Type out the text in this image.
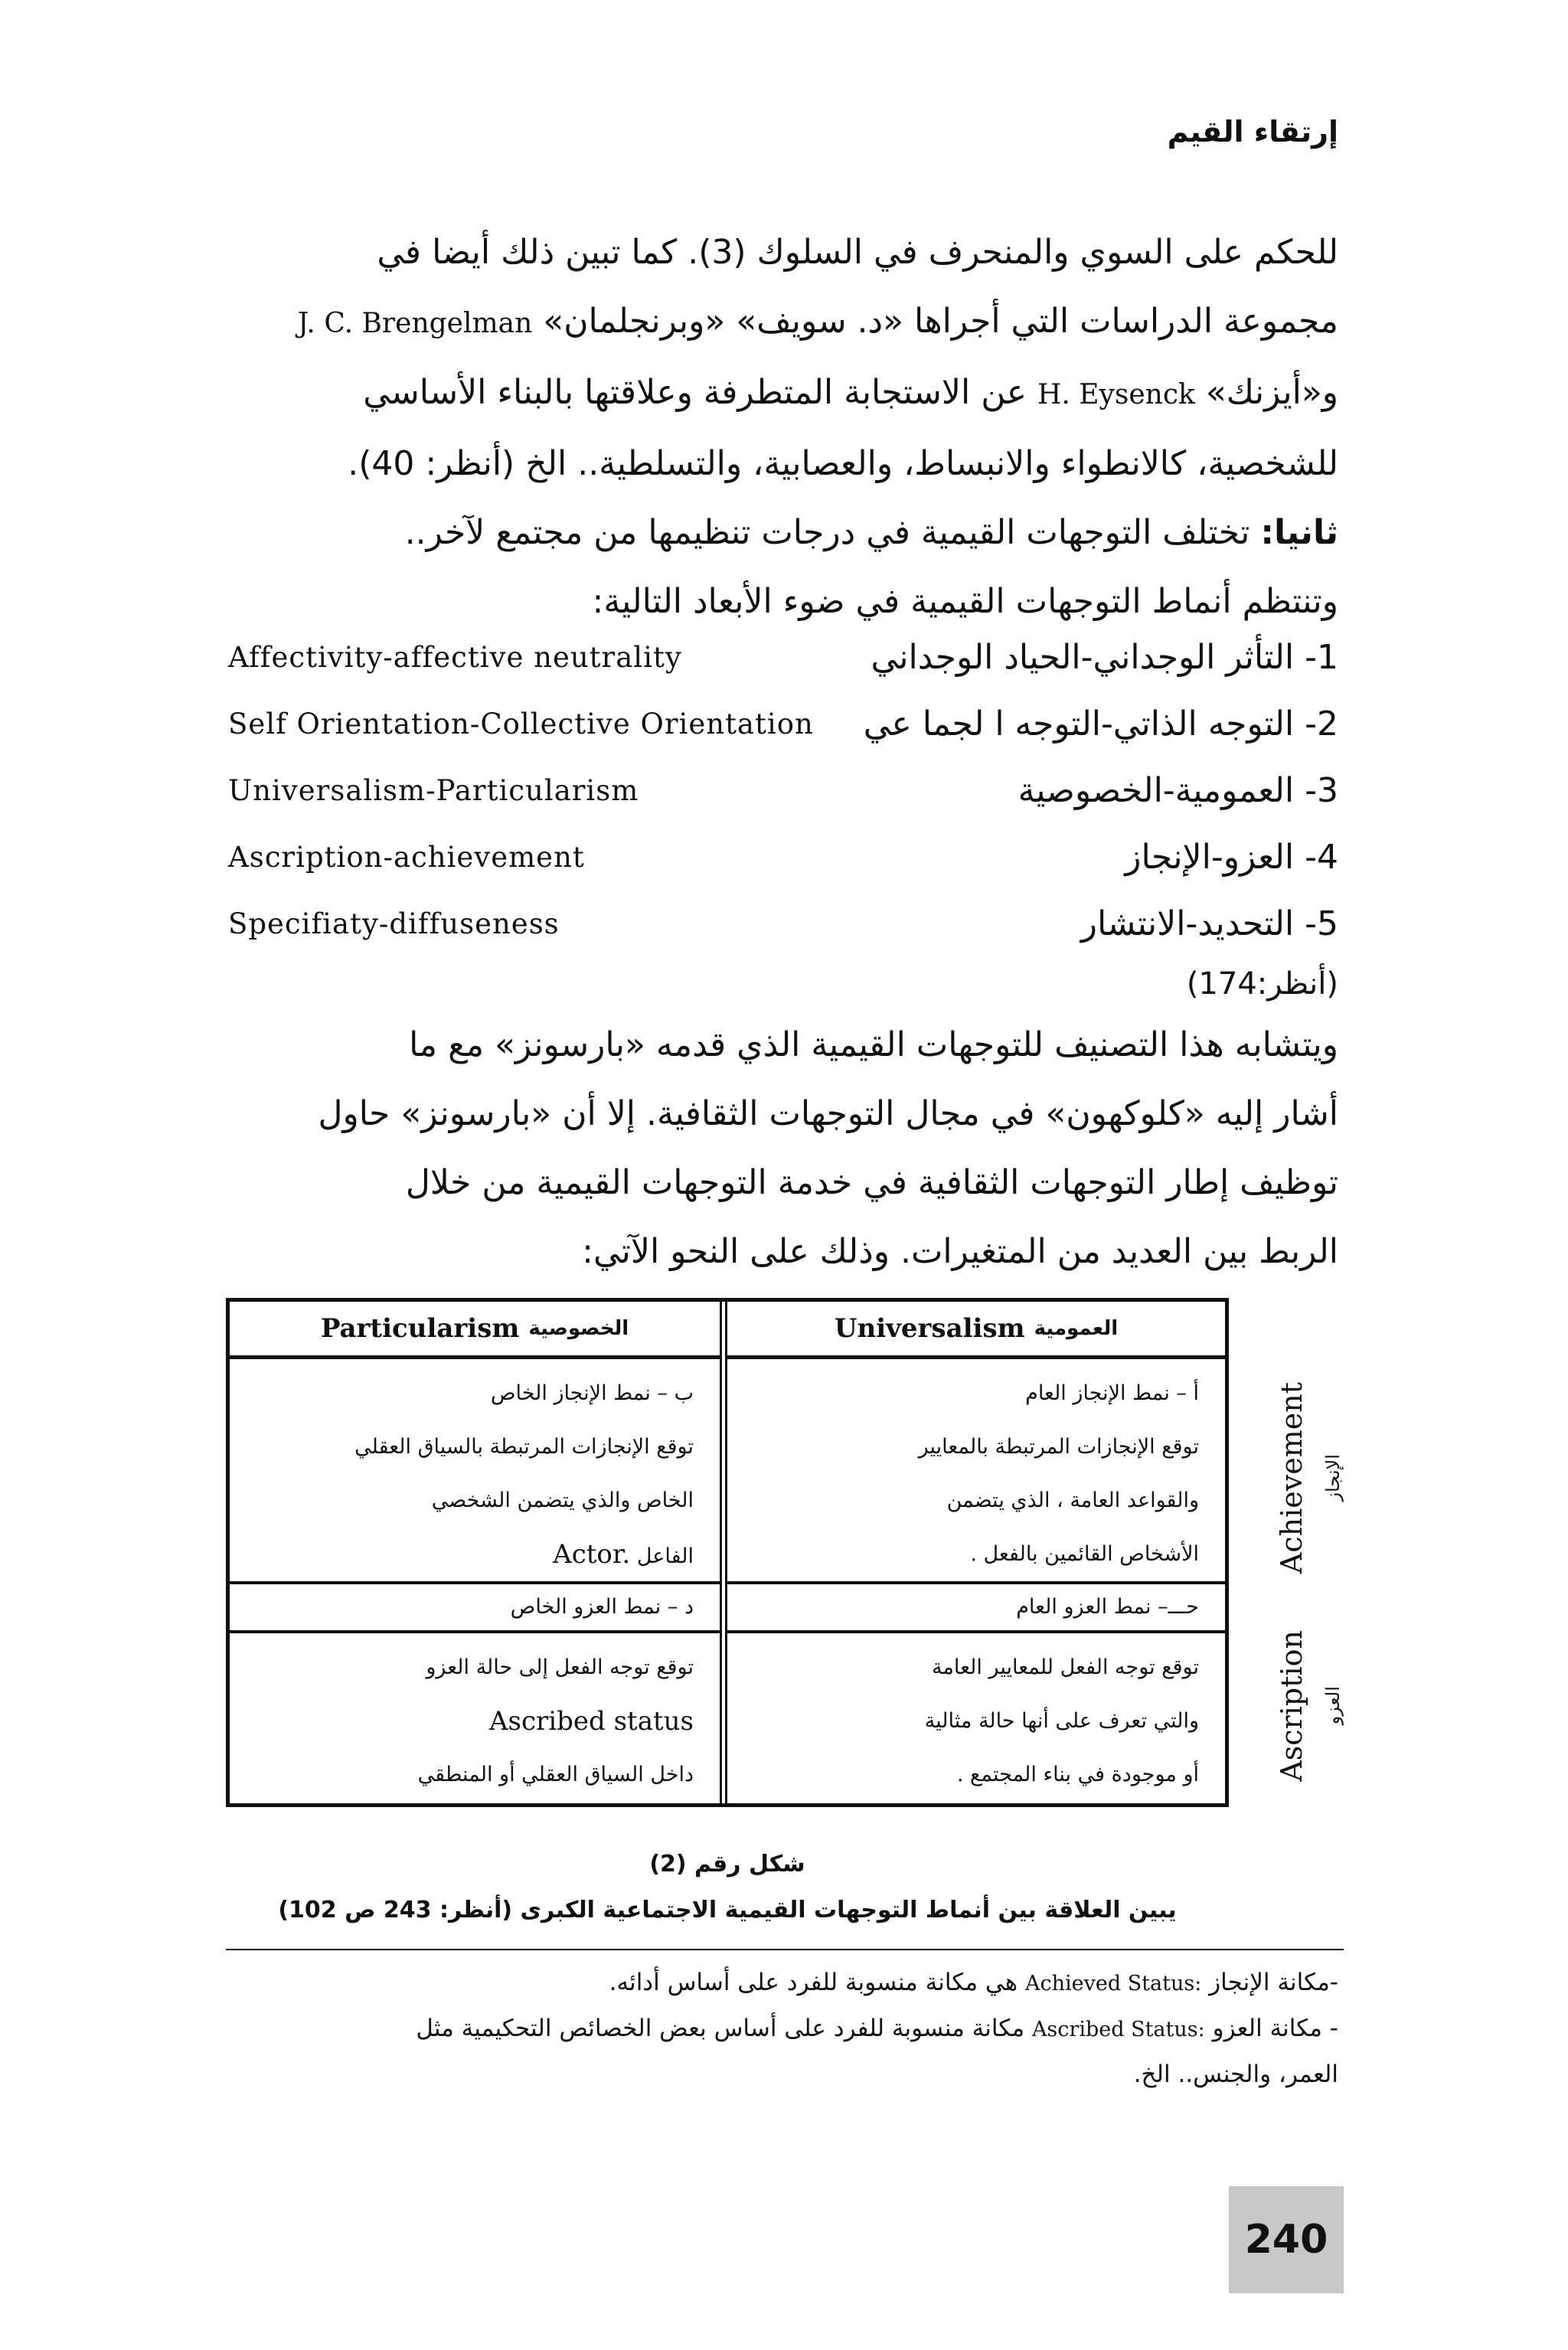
إرتقاء القيم

للحكم على السوي والمنحرف في السلوك (3). كما تبين ذلك أيضا في

مجموعة الدراسات التي أجراها «د. سويف» «وبرنجلمان» J. C. Brengelman

و«أيزنك» H. Eysenck عن الاستجابة المتطرفة وعلاقتها بالبناء الأساسي

للشخصية، كالانطواء والانبساط، والعصابية، والتسلطية.. الخ (أنظر: 40).

ثانيا: تختلف التوجهات القيمية في درجات تنظيمها من مجتمع لآخر..

وتنتظم أنماط التوجهات القيمية في ضوء الأبعاد التالية:

1- التأثر الوجداني-الحياد الوجداني
Affectivity-affective neutrality
2- التوجه الذاتي-التوجه ا لجما عي
Self Orientation-Collective Orientation
3- العمومية-الخصوصية
Universalism-Particularism
4- العزو-الإنجاز
Ascription-achievement
5- التحديد-الانتشار
Specifiaty-diffuseness
(أنظر:174)

ويتشابه هذا التصنيف للتوجهات القيمية الذي قدمه «بارسونز» مع ما

أشار إليه «كلوكهون» في مجال التوجهات الثقافية. إلا أن «بارسونز» حاول

توظيف إطار التوجهات الثقافية في خدمة التوجهات القيمية من خلال

الربط بين العديد من المتغيرات. وذلك على النحو الآتي:

العمومية
Universalism
أ – نمط الإنجاز العام
توقع الإنجازات المرتبطة بالمعايير
والقواعد العامة ، الذي يتضمن
الأشخاص القائمين بالفعل .
حـــ– نمط العزو العام
توقع توجه الفعل للمعايير العامة
والتي تعرف على أنها حالة مثالية
أو موجودة في بناء المجتمع .
الخصوصية
Particularism
ب – نمط الإنجاز الخاص
توقع الإنجازات المرتبطة بالسياق العقلي
الخاص والذي يتضمن الشخصي
الفاعل Actor.
د – نمط العزو الخاص
توقع توجه الفعل إلى حالة العزو
Ascribed status
داخل السياق العقلي أو المنطقي
الإنجاز
Achievement
العزو
Ascription
شكل رقم (2)
يبين العلاقة بين أنماط التوجهات القيمية الاجتماعية الكبرى (أنظر: 243 ص 102)

-مكانة الإنجاز Achieved Status: هي مكانة منسوبة للفرد على أساس أدائه.

- مكانة العزو Ascribed Status: مكانة منسوبة للفرد على أساس بعض الخصائص التحكيمية مثل

العمر، والجنس.. الخ.

240
